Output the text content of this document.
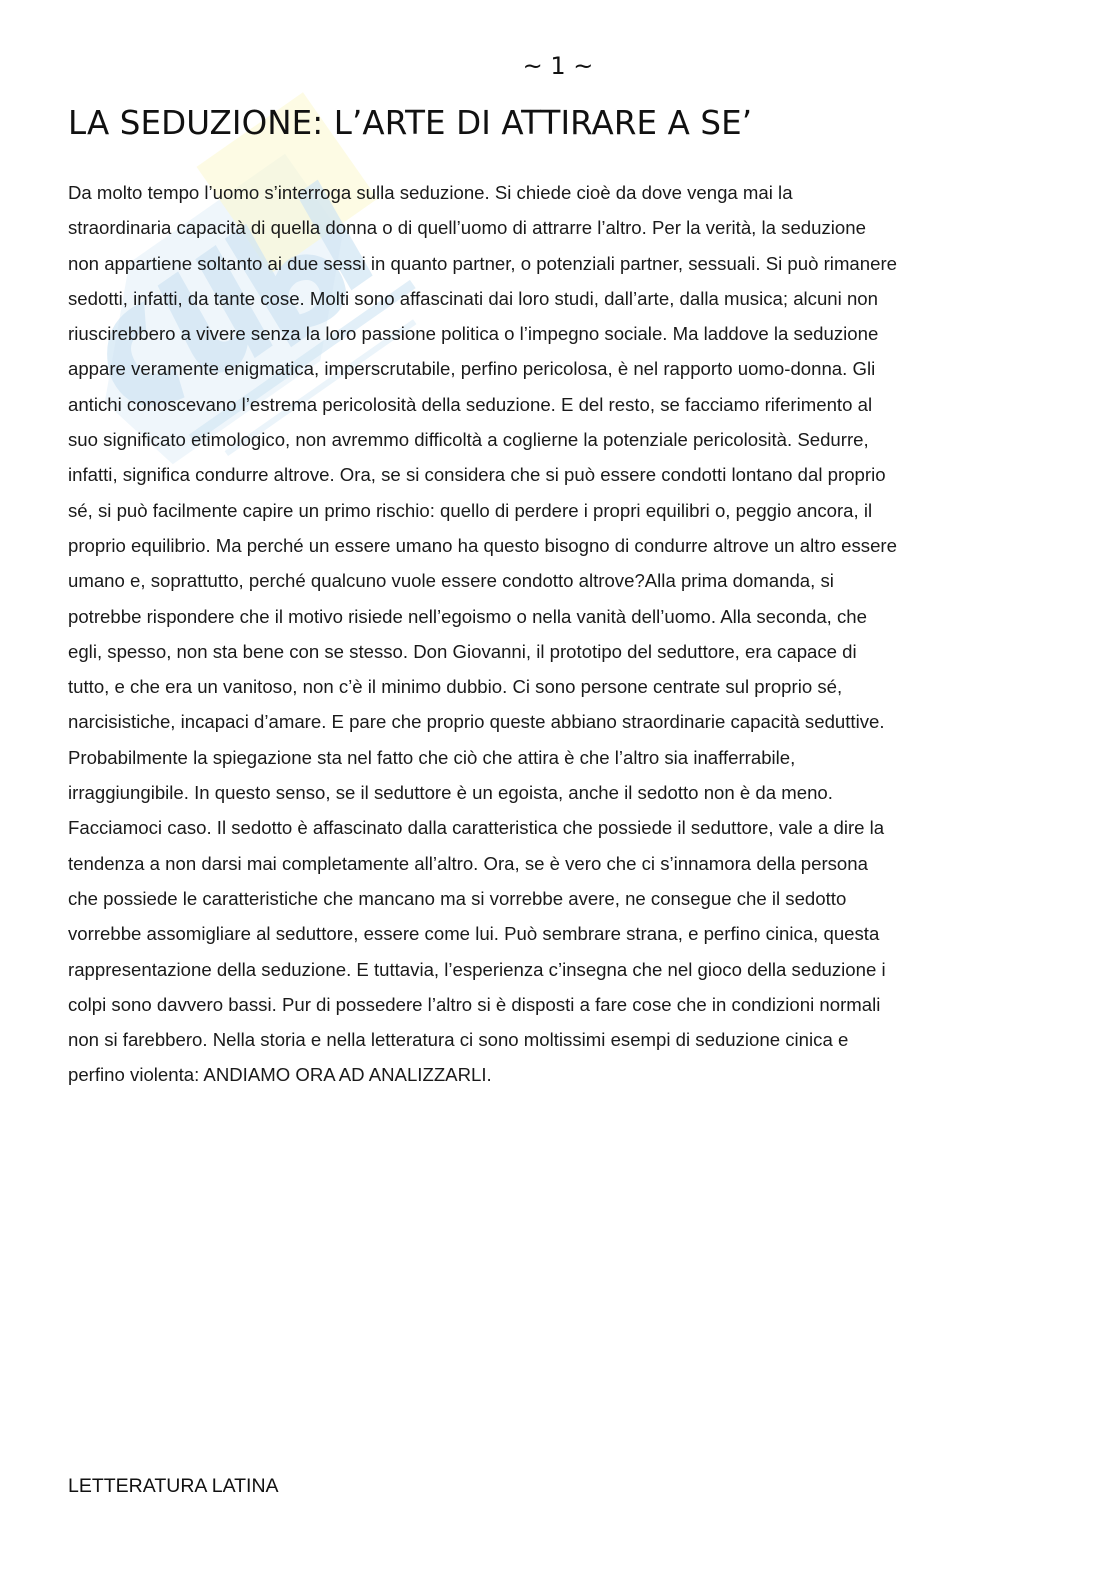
~ 1 ~
LA SEDUZIONE: L’ARTE DI ATTIRARE A SE’

Da molto tempo l’uomo s’interroga sulla seduzione. Si chiede cioè da dove venga mai la
straordinaria capacità di quella donna o di quell’uomo di attrarre l’altro. Per la verità, la seduzione
non appartiene soltanto ai due sessi in quanto partner, o potenziali partner, sessuali. Si può rimanere
sedotti, infatti, da tante cose. Molti sono affascinati dai loro studi, dall’arte, dalla musica; alcuni non
riuscirebbero a vivere senza la loro passione politica o l’impegno sociale. Ma laddove la seduzione
appare veramente enigmatica, imperscrutabile, perfino pericolosa, è nel rapporto uomo-donna. Gli
antichi conoscevano l’estrema pericolosità della seduzione. E del resto, se facciamo riferimento al
suo significato etimologico, non avremmo difficoltà a coglierne la potenziale pericolosità. Sedurre,
infatti, significa condurre altrove. Ora, se si considera che si può essere condotti lontano dal proprio
sé, si può facilmente capire un primo rischio: quello di perdere i propri equilibri o, peggio ancora, il
proprio equilibrio. Ma perché un essere umano ha questo bisogno di condurre altrove un altro essere
umano e, soprattutto, perché qualcuno vuole essere condotto altrove?Alla prima domanda, si
potrebbe rispondere che il motivo risiede nell’egoismo o nella vanità dell’uomo. Alla seconda, che
egli, spesso, non sta bene con se stesso. Don Giovanni, il prototipo del seduttore, era capace di
tutto, e che era un vanitoso, non c’è il minimo dubbio. Ci sono persone centrate sul proprio sé,
narcisistiche, incapaci d’amare. E pare che proprio queste abbiano straordinarie capacità seduttive.
Probabilmente la spiegazione sta nel fatto che ciò che attira è che l’altro sia inafferrabile,
irraggiungibile. In questo senso, se il seduttore è un egoista, anche il sedotto non è da meno.
Facciamoci caso. Il sedotto è affascinato dalla caratteristica che possiede il seduttore, vale a dire la
tendenza a non darsi mai completamente all’altro. Ora, se è vero che ci s’innamora della persona
che possiede le caratteristiche che mancano ma si vorrebbe avere, ne consegue che il sedotto
vorrebbe assomigliare al seduttore, essere come lui. Può sembrare strana, e perfino cinica, questa
rappresentazione della seduzione. E tuttavia, l’esperienza c’insegna che nel gioco della seduzione i
colpi sono davvero bassi. Pur di possedere l’altro si è disposti a fare cose che in condizioni normali
non si farebbero. Nella storia e nella letteratura ci sono moltissimi esempi di seduzione cinica e
perfino violenta: ANDIAMO ORA AD ANALIZZARLI.

LETTERATURA LATINA
